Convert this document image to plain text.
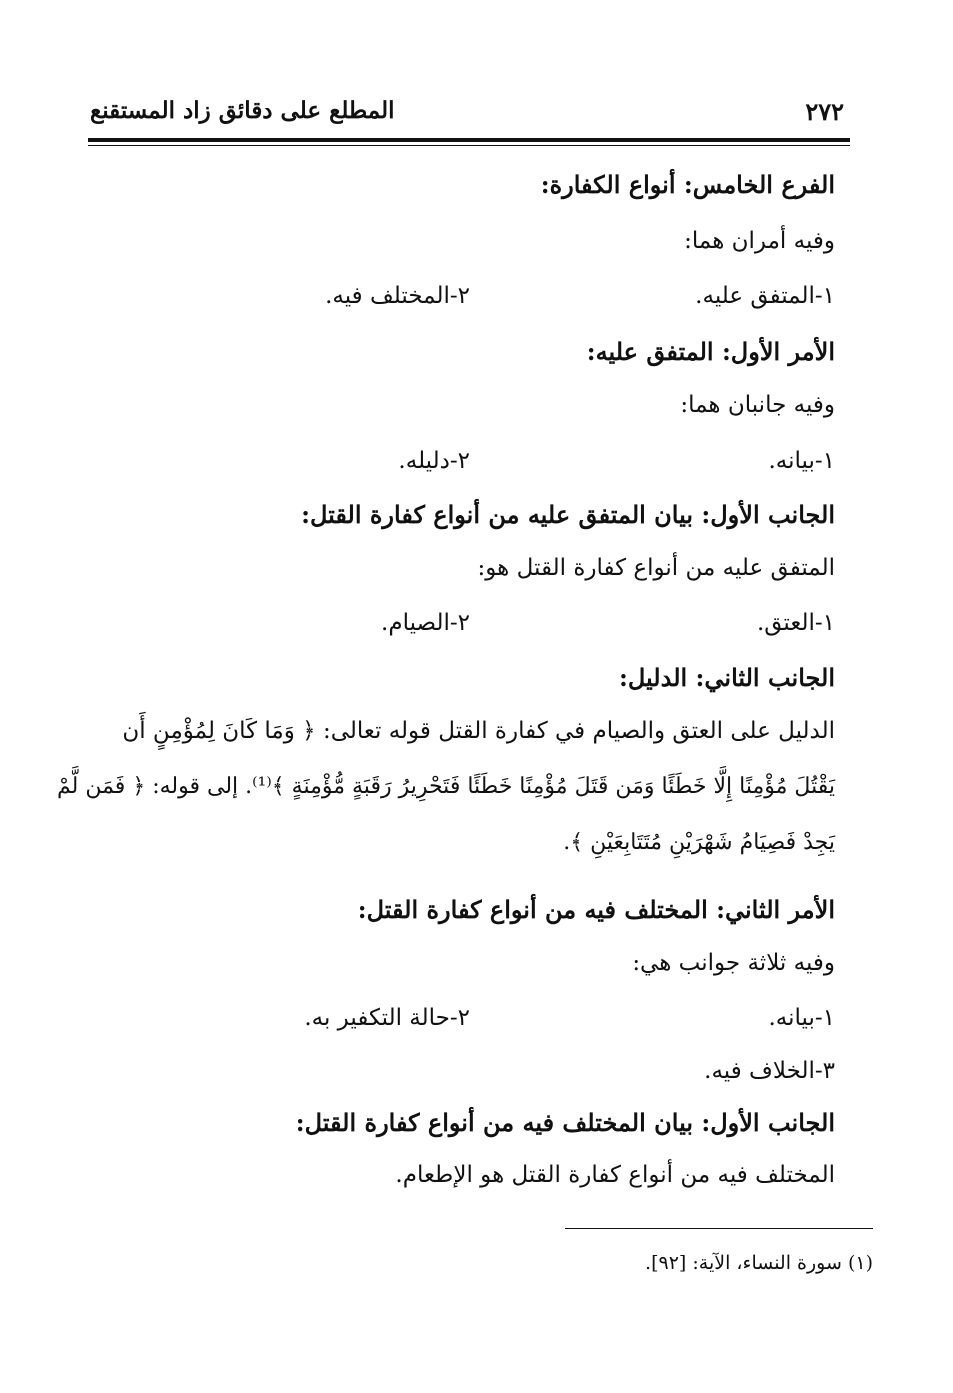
٢٧٢
المطلع على دقائق زاد المستقنع
الفرع الخامس: أنواع الكفارة:
وفيه أمران هما:
١-المتفق عليه.
٢-المختلف فيه.
الأمر الأول: المتفق عليه:
وفيه جانبان هما:
١-بيانه.
٢-دليله.
الجانب الأول: بيان المتفق عليه من أنواع كفارة القتل:
المتفق عليه من أنواع كفارة القتل هو:
١-العتق.
٢-الصيام.
الجانب الثاني: الدليل:
الدليل على العتق والصيام في كفارة القتل قوله تعالى: ﴿ وَمَا كَانَ لِمُؤْمِنٍ أَن
يَقْتُلَ مُؤْمِنًا إِلَّا خَطَئًا وَمَن قَتَلَ مُؤْمِنًا خَطَئًا فَتَحْرِيرُ رَقَبَةٍ مُّؤْمِنَةٍ ﴾⁽¹⁾. إلى قوله: ﴿ فَمَن لَّمْ
يَجِدْ فَصِيَامُ شَهْرَيْنِ مُتَتَابِعَيْنِ ﴾.
الأمر الثاني: المختلف فيه من أنواع كفارة القتل:
وفيه ثلاثة جوانب هي:
١-بيانه.
٢-حالة التكفير به.
٣-الخلاف فيه.
الجانب الأول: بيان المختلف فيه من أنواع كفارة القتل:
المختلف فيه من أنواع كفارة القتل هو الإطعام.
(١) سورة النساء، الآية: [٩٢].
